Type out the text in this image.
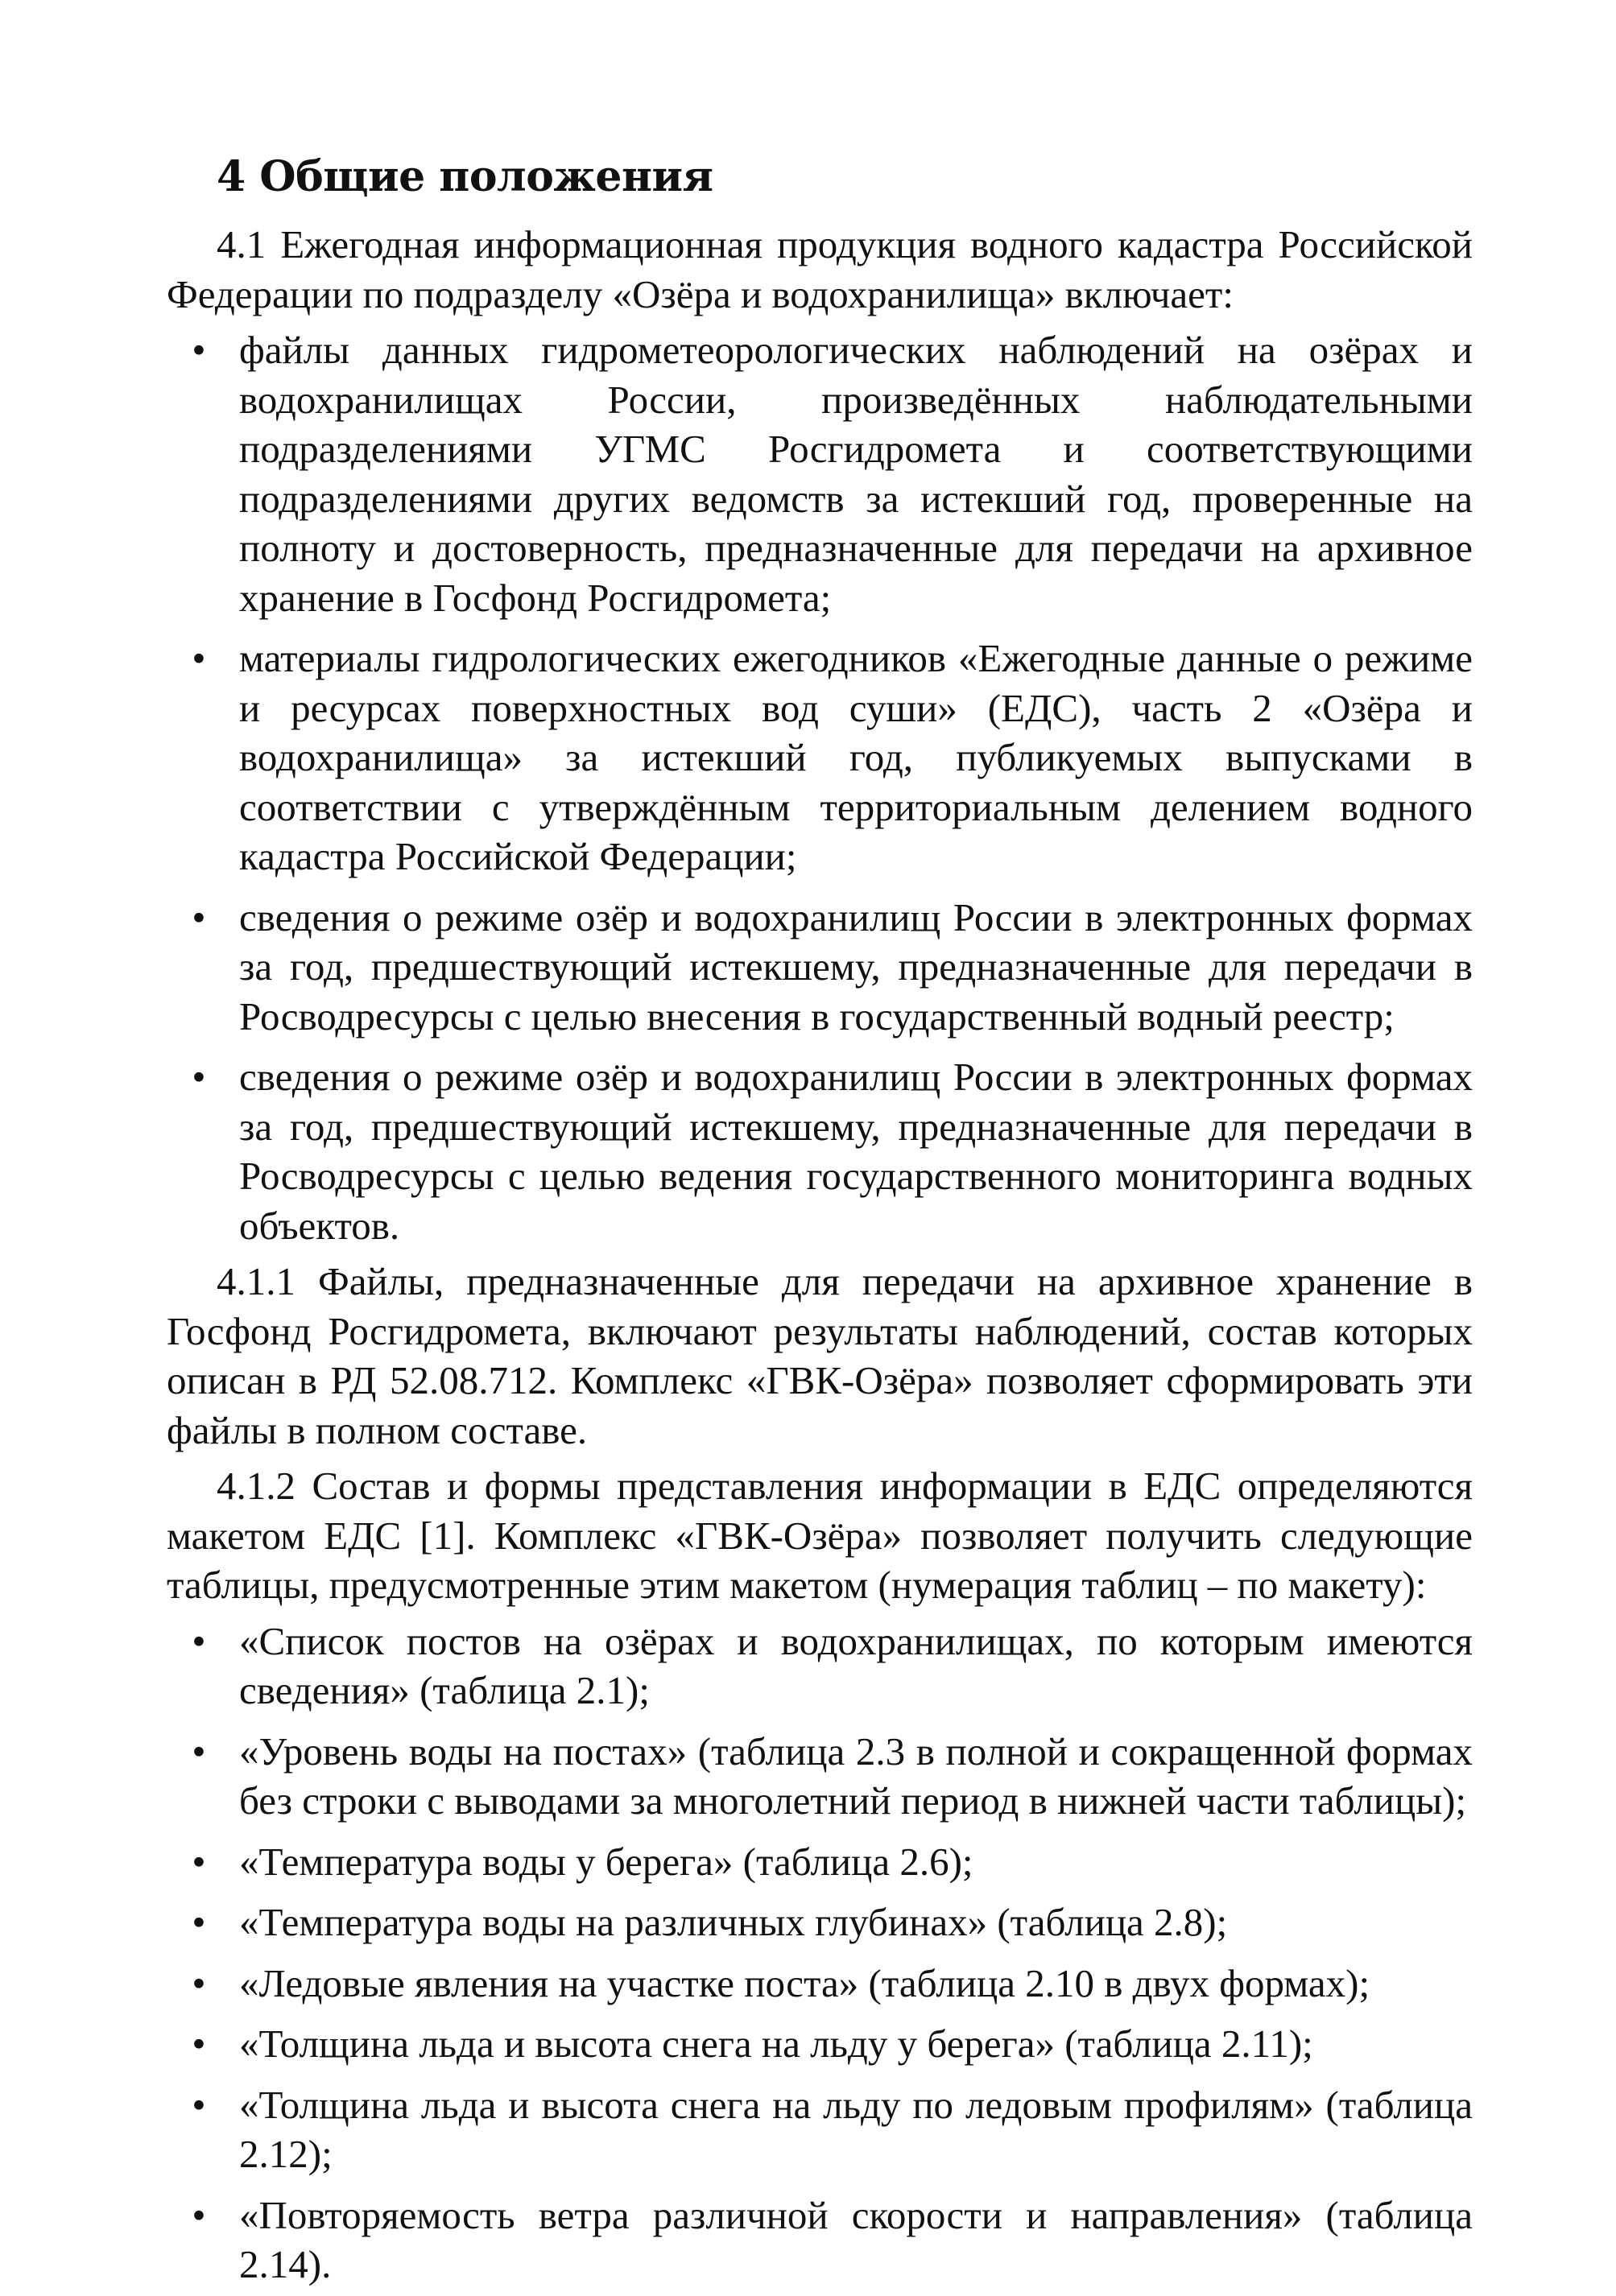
4 Общие положения

4.1 Ежегодная информационная продукция водного кадастра Российской Федерации по подразделу «Озёра и водохранилища» включает:

• файлы данных гидрометеорологических наблюдений на озёрах и водохранилищах России, произведённых наблюдательными подразделениями УГМС Росгидромета и соответствующими подразделениями других ведомств за истекший год, проверенные на полноту и достоверность, предназначенные для передачи на архивное хранение в Госфонд Росгидромета;
• материалы гидрологических ежегодников «Ежегодные данные о режиме и ресурсах поверхностных вод суши» (ЕДС), часть 2 «Озёра и водохранилища» за истекший год, публикуемых выпусками в соответствии с утверждённым территориальным делением водного кадастра Российской Федерации;
• сведения о режиме озёр и водохранилищ России в электронных формах за год, предшествующий истекшему, предназначенные для передачи в Росводресурсы с целью внесения в государственный водный реестр;
• сведения о режиме озёр и водохранилищ России в электронных формах за год, предшествующий истекшему, предназначенные для передачи в Росводресурсы с целью ведения государственного мониторинга водных объектов.

4.1.1 Файлы, предназначенные для передачи на архивное хранение в Госфонд Росгидромета, включают результаты наблюдений, состав которых описан в РД 52.08.712. Комплекс «ГВК-Озёра» позволяет сформировать эти файлы в полном составе.

4.1.2 Состав и формы представления информации в ЕДС определяются макетом ЕДС [1]. Комплекс «ГВК-Озёра» позволяет получить следующие таблицы, предусмотренные этим макетом (нумерация таблиц – по макету):

• «Список постов на озёрах и водохранилищах, по которым имеются сведения» (таблица 2.1);
• «Уровень воды на постах» (таблица 2.3 в полной и сокращенной формах без строки с выводами за многолетний период в нижней части таблицы);
• «Температура воды у берега» (таблица 2.6);
• «Температура воды на различных глубинах» (таблица 2.8);
• «Ледовые явления на участке поста» (таблица 2.10 в двух формах);
• «Толщина льда и высота снега на льду у берега» (таблица 2.11);
• «Толщина льда и высота снега на льду по ледовым профилям» (таблица 2.12);
• «Повторяемость ветра различной скорости и направления» (таблица 2.14).
